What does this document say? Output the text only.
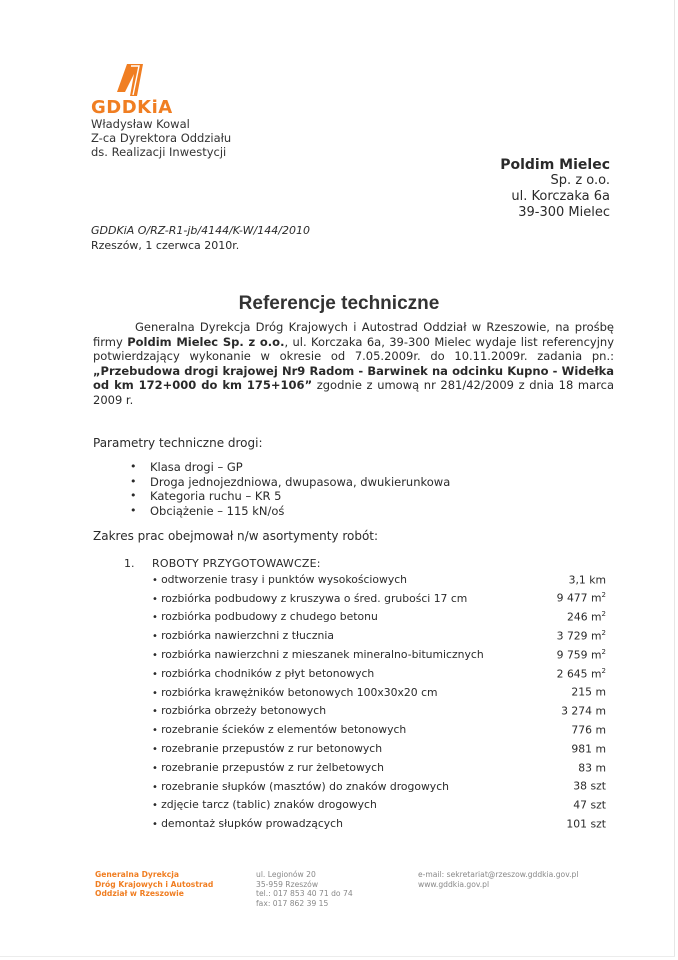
GDDKiA
Władysław Kowal
Z-ca Dyrektora Oddziału
ds. Realizacji Inwestycji
Poldim Mielec
Sp. z o.o.
ul. Korczaka 6a
39-300 Mielec
GDDKiA O/RZ-R1-jb/4144/K-W/144/2010
Rzeszów, 1 czerwca 2010r.
Referencje techniczne
Generalna Dyrekcja Dróg Krajowych i Autostrad Oddział w Rzeszowie, na prośbę firmy Poldim Mielec Sp. z o.o., ul. Korczaka 6a, 39-300 Mielec wydaje list referencyjny potwierdzający wykonanie w okresie od 7.05.2009r. do 10.11.2009r. zadania pn.: „Przebudowa drogi krajowej Nr9 Radom - Barwinek na odcinku Kupno - Widełka od km 172+000 do km 175+106” zgodnie z umową nr 281/42/2009 z dnia 18 marca 2009 r.
Parametry techniczne drogi:
• Klasa drogi – GP
• Droga jednojezdniowa, dwupasowa, dwukierunkowa
• Kategoria ruchu – KR 5
• Obciążenie – 115 kN/oś
Zakres prac obejmował n/w asortymenty robót:
1. ROBOTY PRZYGOTOWAWCZE:
• odtworzenie trasy i punktów wysokościowych	3,1 km
• rozbiórka podbudowy z kruszywa o śred. grubości 17 cm	9 477 $m^2$
• rozbiórka podbudowy z chudego betonu	246 $m^2$
• rozbiórka nawierzchni z tłucznia	3 729 $m^2$
• rozbiórka nawierzchni z mieszanek mineralno-bitumicznych	9 759 $m^2$
• rozbiórka chodników z płyt betonowych	2 645 $m^2$
• rozbiórka krawężników betonowych 100x30x20 cm	215 m
• rozbiórka obrzeży betonowych	3 274 m
• rozebranie ścieków z elementów betonowych	776 m
• rozebranie przepustów z rur betonowych	981 m
• rozebranie przepustów z rur żelbetowych	83 m
• rozebranie słupków (masztów) do znaków drogowych	38 szt
• zdjęcie tarcz (tablic) znaków drogowych	47 szt
• demontaż słupków prowadzących	101 szt
Generalna Dyrekcja
Dróg Krajowych i Autostrad
Oddział w Rzeszowie
ul. Legionów 20
35-959 Rzeszów
tel.: 017 853 40 71 do 74
fax: 017 862 39 15
e-mail: sekretariat@rzeszow.gddkia.gov.pl
www.gddkia.gov.pl
